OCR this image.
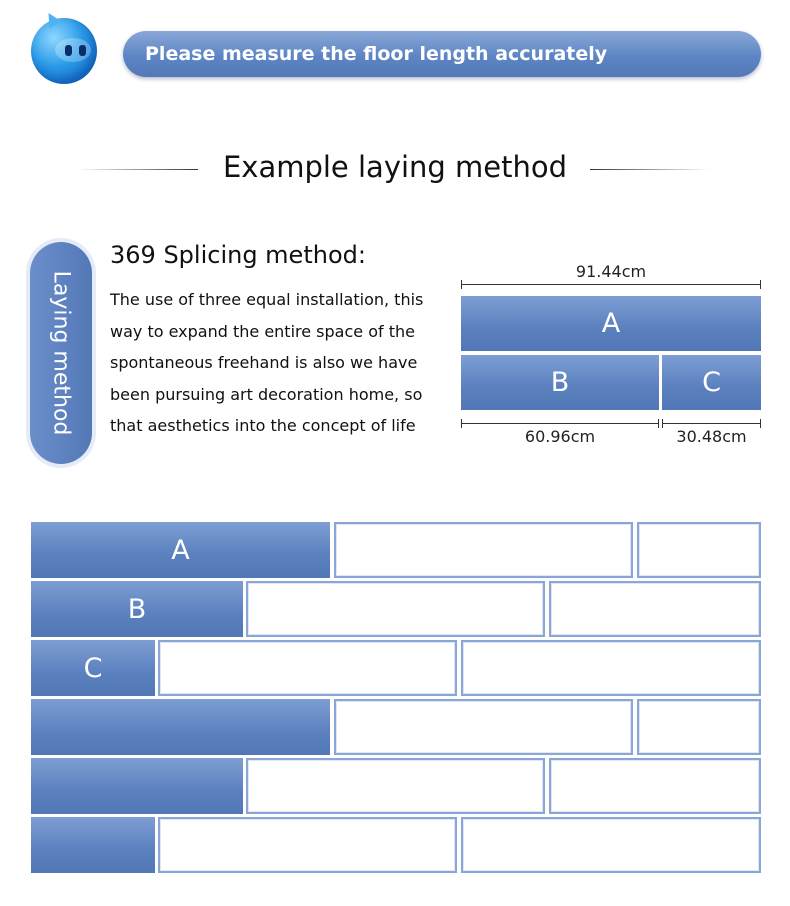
Please measure the floor length accurately
Example laying method
Laying method
369 Splicing method:
The use of three equal installation, this
way to expand the entire space of the
spontaneous freehand is also we have
been pursuing art decoration home, so
that aesthetics into the concept of life
91.44cm
A
B	C
60.96cm	30.48cm
A
B
C
